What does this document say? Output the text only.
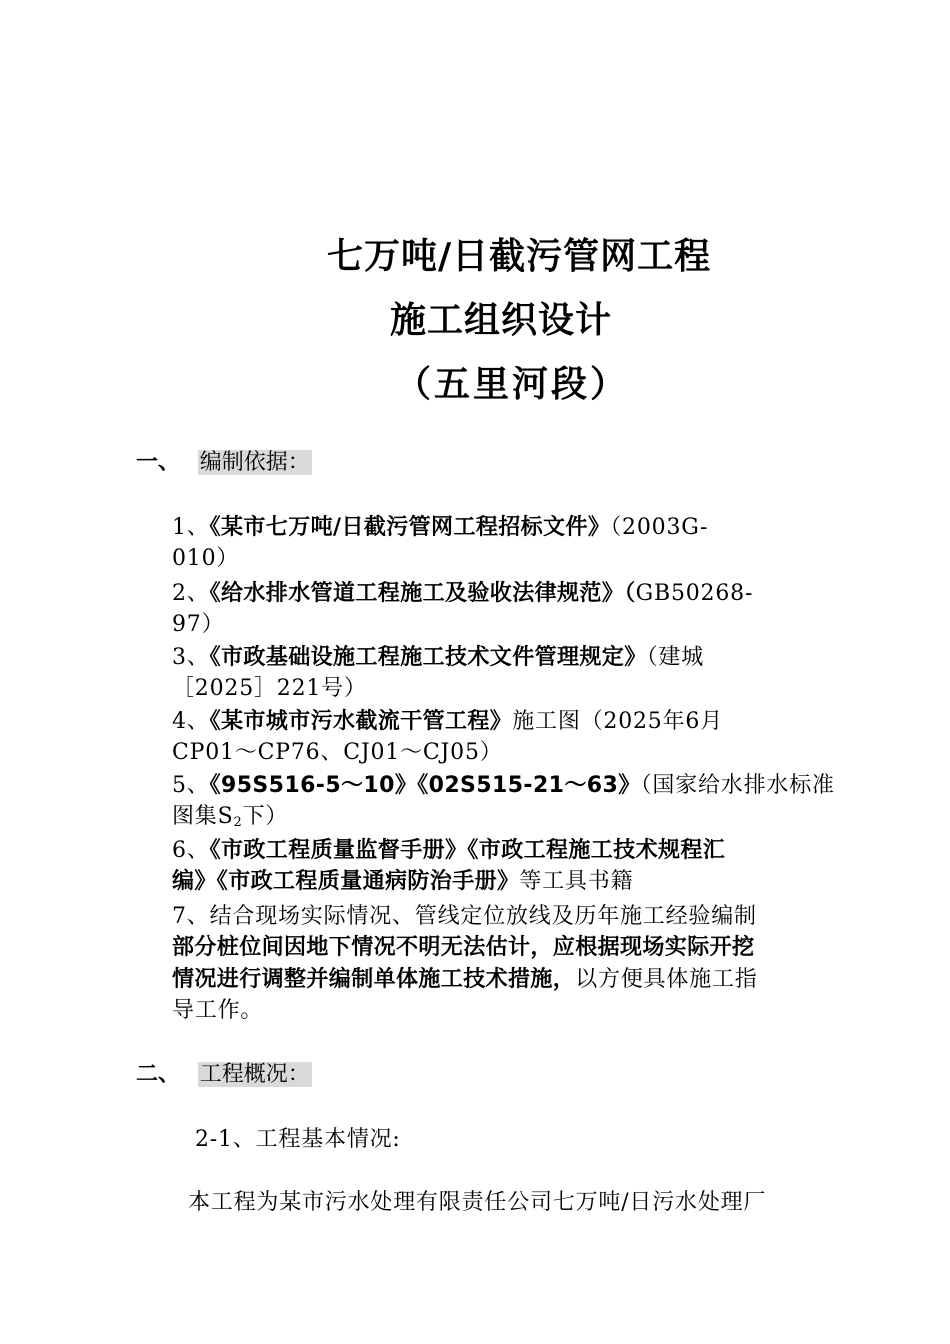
七万吨/日截污管网工程
施工组织设计
（五里河段）
一、 编制依据：
1、《某市七万吨/日截污管网工程招标文件》（2003G-
010）
2、《给水排水管道工程施工及验收法律规范》（GB50268-
97）
3、《市政基础设施工程施工技术文件管理规定》（建城
［2025］221号）
4、《某市城市污水截流干管工程》施工图（2025年6月
CP01～CP76、CJ01～CJ05）
5、《95S516-5～10》《02S515-21～63》（国家给水排水标准
图集$S_2$下）
6、《市政工程质量监督手册》《市政工程施工技术规程汇
编》《市政工程质量通病防治手册》等工具书籍
7、结合现场实际情况、管线定位放线及历年施工经验编制
部分桩位间因地下情况不明无法估计，应根据现场实际开挖
情况进行调整并编制单体施工技术措施，以方便具体施工指
导工作。
二、 工程概况：
2-1、工程基本情况:
本工程为某市污水处理有限责任公司七万吨/日污水处理厂
